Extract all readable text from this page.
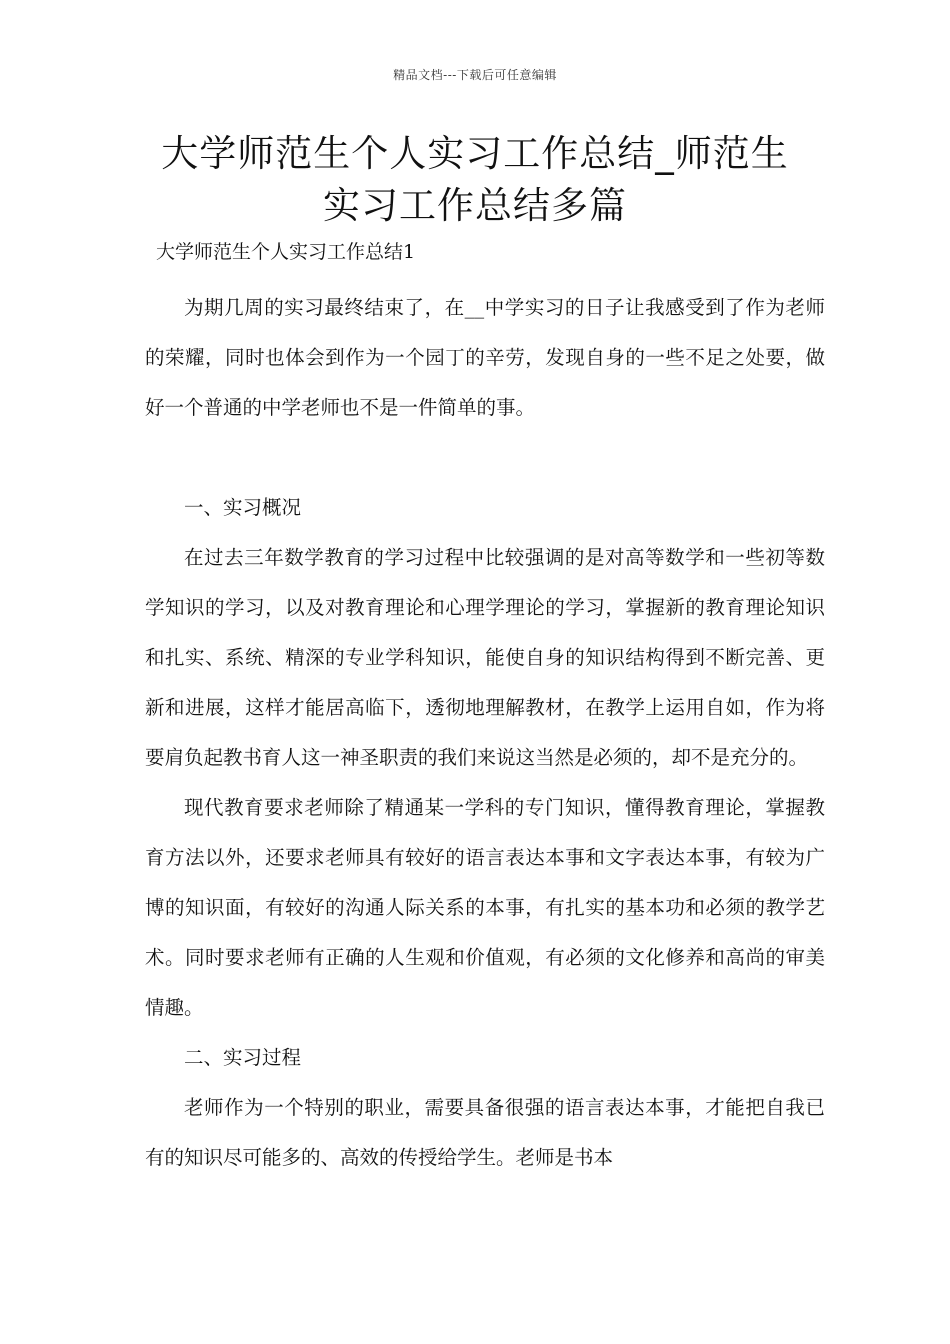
精品文档---下载后可任意编辑
大学师范生个人实习工作总结_师范生
实习工作总结多篇
大学师范生个人实习工作总结1

为期几周的实习最终结束了，在__中学实习的日子让我感受到了作为老师的荣耀，同时也体会到作为一个园丁的辛劳，发现自身的一些不足之处要，做好一个普通的中学老师也不是一件简单的事。

一、实习概况

在过去三年数学教育的学习过程中比较强调的是对高等数学和一些初等数学知识的学习，以及对教育理论和心理学理论的学习，掌握新的教育理论知识和扎实、系统、精深的专业学科知识，能使自身的知识结构得到不断完善、更新和进展，这样才能居高临下，透彻地理解教材，在教学上运用自如，作为将要肩负起教书育人这一神圣职责的我们来说这当然是必须的，却不是充分的。

现代教育要求老师除了精通某一学科的专门知识，懂得教育理论，掌握教育方法以外，还要求老师具有较好的语言表达本事和文字表达本事，有较为广博的知识面，有较好的沟通人际关系的本事，有扎实的基本功和必须的教学艺术。同时要求老师有正确的人生观和价值观，有必须的文化修养和高尚的审美情趣。

二、实习过程

老师作为一个特别的职业，需要具备很强的语言表达本事，才能把自我已有的知识尽可能多的、高效的传授给学生。老师是书本
